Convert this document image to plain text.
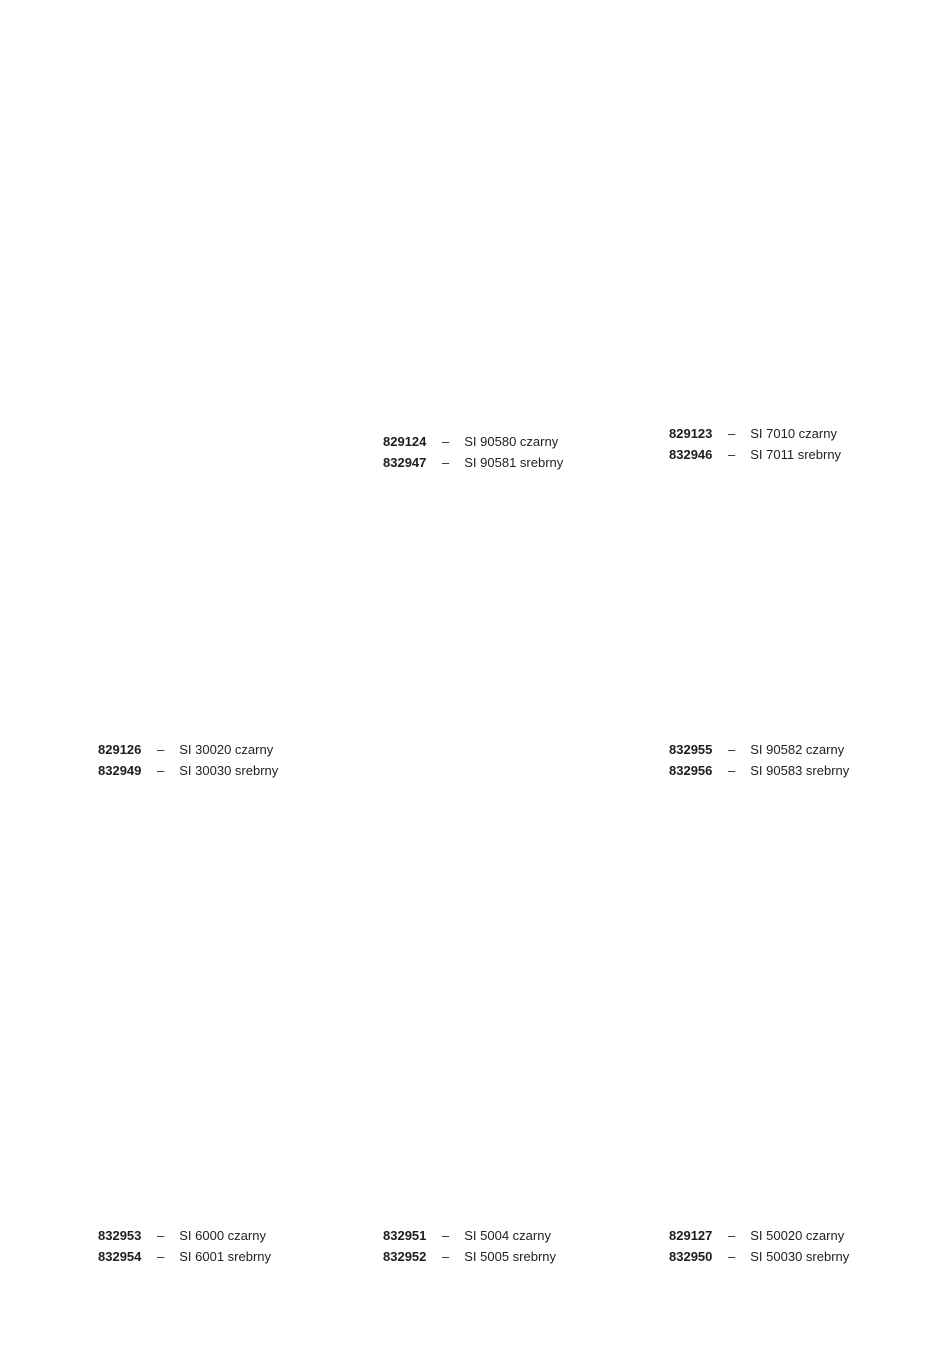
829124 – SI 90580 czarny
832947 – SI 90581 srebrny
829123 – SI 7010 czarny
832946 – SI 7011 srebrny
829126 – SI 30020 czarny
832949 – SI 30030 srebrny
832955 – SI 90582 czarny
832956 – SI 90583 srebrny
832953 – SI 6000 czarny
832954 – SI 6001 srebrny
832951 – SI 5004 czarny
832952 – SI 5005 srebrny
829127 – SI 50020 czarny
832950 – SI 50030 srebrny
